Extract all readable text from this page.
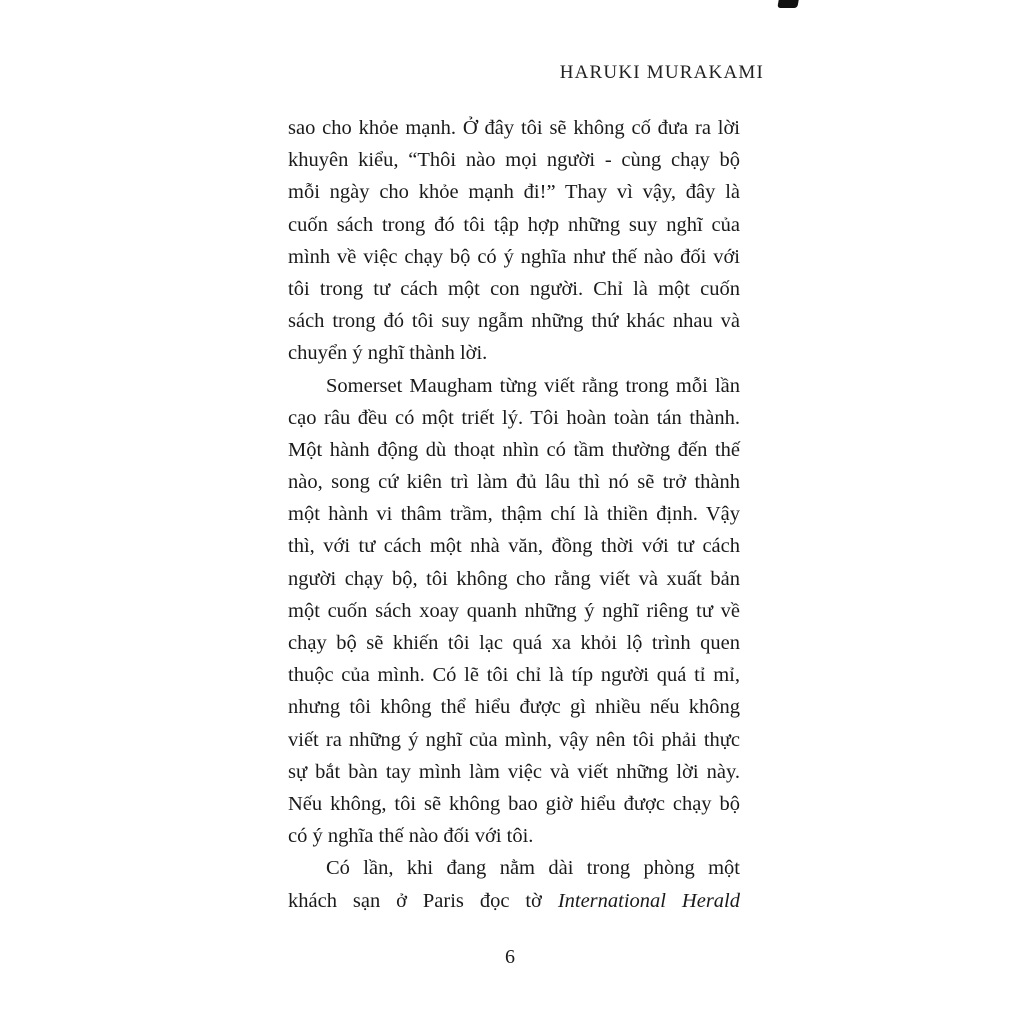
HARUKI MURAKAMI
sao cho khỏe mạnh. Ở đây tôi sẽ không cố đưa ra lời
khuyên kiểu, “Thôi nào mọi người - cùng chạy bộ
mỗi ngày cho khỏe mạnh đi!” Thay vì vậy, đây là
cuốn sách trong đó tôi tập hợp những suy nghĩ của
mình về việc chạy bộ có ý nghĩa như thế nào đối với
tôi trong tư cách một con người. Chỉ là một cuốn
sách trong đó tôi suy ngẫm những thứ khác nhau và
chuyển ý nghĩ thành lời.
Somerset Maugham từng viết rằng trong mỗi lần
cạo râu đều có một triết lý. Tôi hoàn toàn tán thành.
Một hành động dù thoạt nhìn có tầm thường đến thế
nào, song cứ kiên trì làm đủ lâu thì nó sẽ trở thành
một hành vi thâm trầm, thậm chí là thiền định. Vậy
thì, với tư cách một nhà văn, đồng thời với tư cách
người chạy bộ, tôi không cho rằng viết và xuất bản
một cuốn sách xoay quanh những ý nghĩ riêng tư về
chạy bộ sẽ khiến tôi lạc quá xa khỏi lộ trình quen
thuộc của mình. Có lẽ tôi chỉ là típ người quá tỉ mỉ,
nhưng tôi không thể hiểu được gì nhiều nếu không
viết ra những ý nghĩ của mình, vậy nên tôi phải thực
sự bắt bàn tay mình làm việc và viết những lời này.
Nếu không, tôi sẽ không bao giờ hiểu được chạy bộ
có ý nghĩa thế nào đối với tôi.
Có lần, khi đang nằm dài trong phòng một
khách sạn ở Paris đọc tờ International Herald
6
